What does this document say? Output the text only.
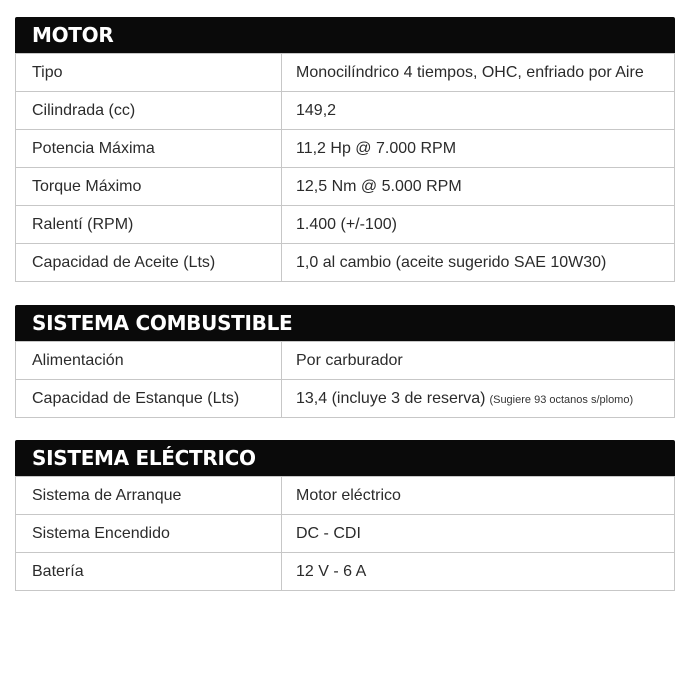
MOTOR
Tipo	Monocilíndrico 4 tiempos, OHC, enfriado por Aire
Cilindrada (cc)	149,2
Potencia Máxima	11,2 Hp @ 7.000 RPM
Torque Máximo	12,5 Nm @ 5.000 RPM
Ralentí (RPM)	1.400 (+/-100)
Capacidad de Aceite (Lts)	1,0 al cambio (aceite sugerido SAE 10W30)
SISTEMA COMBUSTIBLE
Alimentación	Por carburador
Capacidad de Estanque (Lts)	13,4 (incluye 3 de reserva) (Sugiere 93 octanos s/plomo)
SISTEMA ELÉCTRICO
Sistema de Arranque	Motor eléctrico
Sistema Encendido	DC - CDI
Batería	12 V - 6 A
